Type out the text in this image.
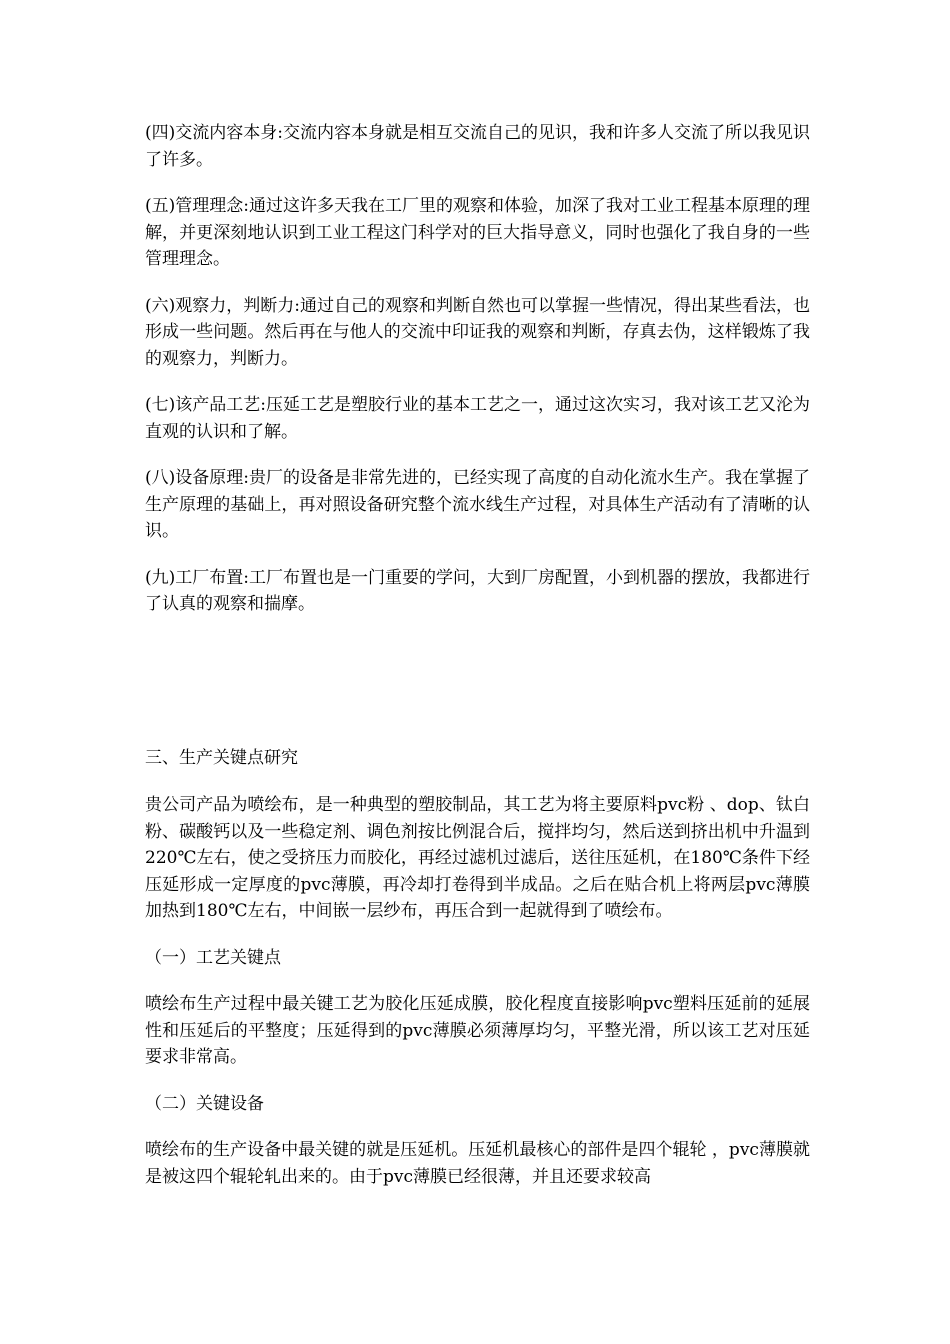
(四)交流内容本身:交流内容本身就是相互交流自己的见识，我和许多人交流了所以我见识了许多。

(五)管理理念:通过这许多天我在工厂里的观察和体验，加深了我对工业工程基本原理的理解，并更深刻地认识到工业工程这门科学对的巨大指导意义，同时也强化了我自身的一些管理理念。

(六)观察力，判断力:通过自己的观察和判断自然也可以掌握一些情况，得出某些看法，也形成一些问题。然后再在与他人的交流中印证我的观察和判断，存真去伪，这样锻炼了我的观察力，判断力。

(七)该产品工艺:压延工艺是塑胶行业的基本工艺之一，通过这次实习，我对该工艺又沦为直观的认识和了解。

(八)设备原理:贵厂的设备是非常先进的，已经实现了高度的自动化流水生产。我在掌握了生产原理的基础上，再对照设备研究整个流水线生产过程，对具体生产活动有了清晰的认识。

(九)工厂布置:工厂布置也是一门重要的学问，大到厂房配置，小到机器的摆放，我都进行了认真的观察和揣摩。

三、生产关键点研究

贵公司产品为喷绘布，是一种典型的塑胶制品，其工艺为将主要原料pvc粉 、dop、钛白粉、碳酸钙以及一些稳定剂、调色剂按比例混合后，搅拌均匀，然后送到挤出机中升温到220℃左右，使之受挤压力而胶化，再经过滤机过滤后，送往压延机，在180℃条件下经压延形成一定厚度的pvc薄膜，再冷却打卷得到半成品。之后在贴合机上将两层pvc薄膜加热到180℃左右，中间嵌一层纱布，再压合到一起就得到了喷绘布。

（一）工艺关键点

喷绘布生产过程中最关键工艺为胶化压延成膜，胶化程度直接影响pvc塑料压延前的延展性和压延后的平整度；压延得到的pvc薄膜必须薄厚均匀，平整光滑，所以该工艺对压延要求非常高。

（二）关键设备

喷绘布的生产设备中最关键的就是压延机。压延机最核心的部件是四个辊轮 ，pvc薄膜就是被这四个辊轮轧出来的。由于pvc薄膜已经很薄，并且还要求较高
